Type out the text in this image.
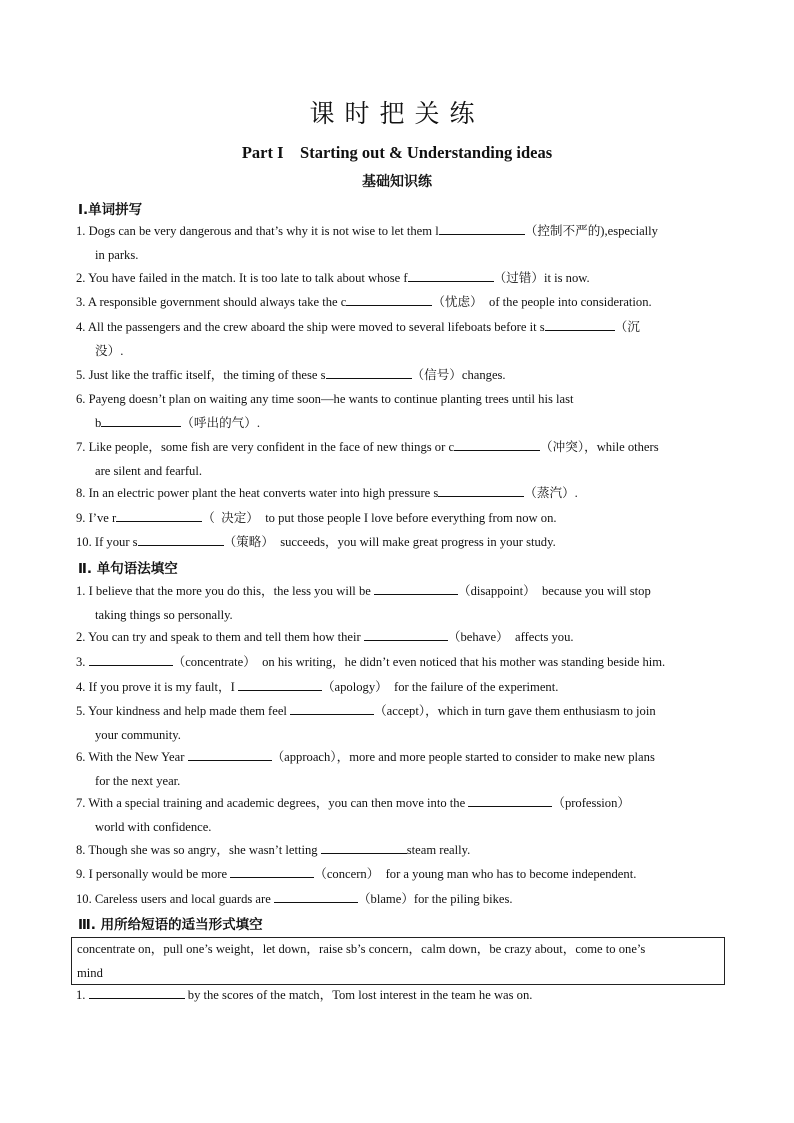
课时把关练
Part I    Starting out & Understanding ideas
基础知识练
Ⅰ.单词拼写
1. Dogs can be very dangerous and that’s why it is not wise to let them l	（控制不严的),especially
in parks.
2. You have failed in the match. It is too late to talk about whose f	（过错）it is now.
3. A responsible government should always take the c	（忧虑）  of the people into consideration.
4. All the passengers and the crew aboard the ship were moved to several lifeboats before it s	（沉
没）.
5. Just like the traffic itself，the timing of these s	（信号）changes.
6. Payeng doesn’t plan on waiting any time soon—he wants to continue planting trees until his last
b	（呼出的气）.
7. Like people，some fish are very confident in the face of new things or c	（冲突），while others
are silent and fearful.
8. In an electric power plant the heat converts water into high pressure s	（蒸汽）.
9. I’ve r	（  决定）  to put those people I love before everything from now on.
10. If your s	（策略）  succeeds，you will make great progress in your study.
Ⅱ. 单句语法填空
1. I believe that the more you do this，the less you will be	（disappoint）  because you will stop
taking things so personally.
2. You can try and speak to them and tell them how their	（behave）  affects you.
3.	（concentrate）  on his writing，he didn’t even noticed that his mother was standing beside him.
4. If you prove it is my fault，I	（apology）  for the failure of the experiment.
5. Your kindness and help made them feel	（accept），which in turn gave them enthusiasm to join
your community.
6. With the New Year	（approach），more and more people started to consider to make new plans
for the next year.
7. With a special training and academic degrees，you can then move into the	（profession）
world with confidence.
8. Though she was so angry，she wasn’t letting	steam really.
9. I personally would be more	（concern）  for a young man who has to become independent.
10. Careless users and local guards are	（blame）for the piling bikes.
Ⅲ. 用所给短语的适当形式填空
concentrate on，pull one’s weight，let down，raise sb’s concern，calm down，be crazy about，come to one’s
mind
1.	by the scores of the match，Tom lost interest in the team he was on.
